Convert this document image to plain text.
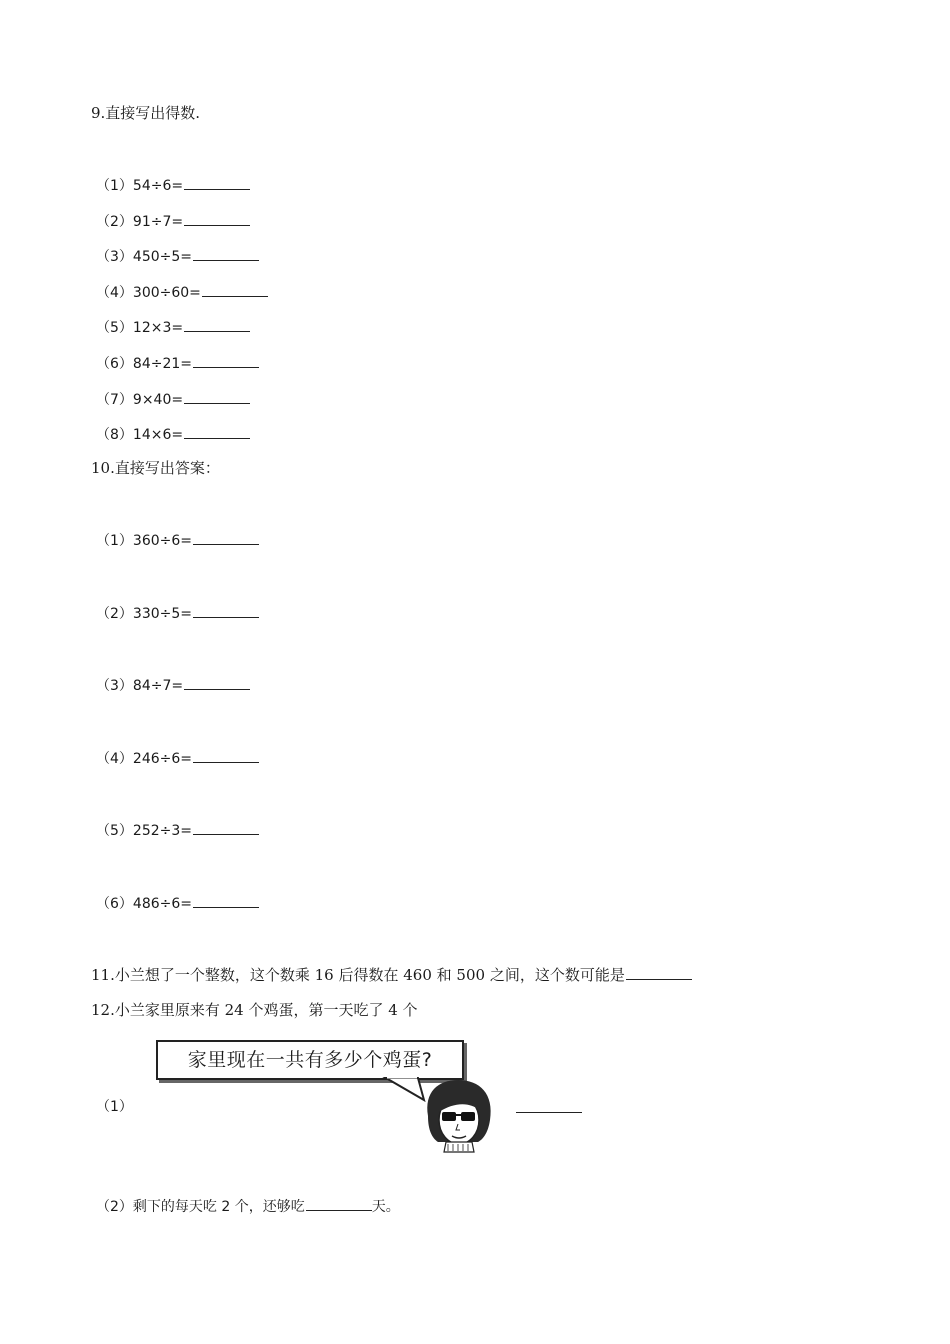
9.直接写出得数.
（1）54÷6=
（2）91÷7=
（3）450÷5=
（4）300÷60=
（5）12×3=
（6）84÷21=
（7）9×40=
（8）14×6=
10.直接写出答案：
（1）360÷6=
（2）330÷5=
（3）84÷7=
（4）246÷6=
（5）252÷3=
（6）486÷6=
11.小兰想了一个整数，这个数乘 16 后得数在 460 和 500 之间，这个数可能是
12.小兰家里原来有 24 个鸡蛋，第一天吃了 4 个
（1）
家里现在一共有多少个鸡蛋?
（2）剩下的每天吃 2 个，还够吃	天。
